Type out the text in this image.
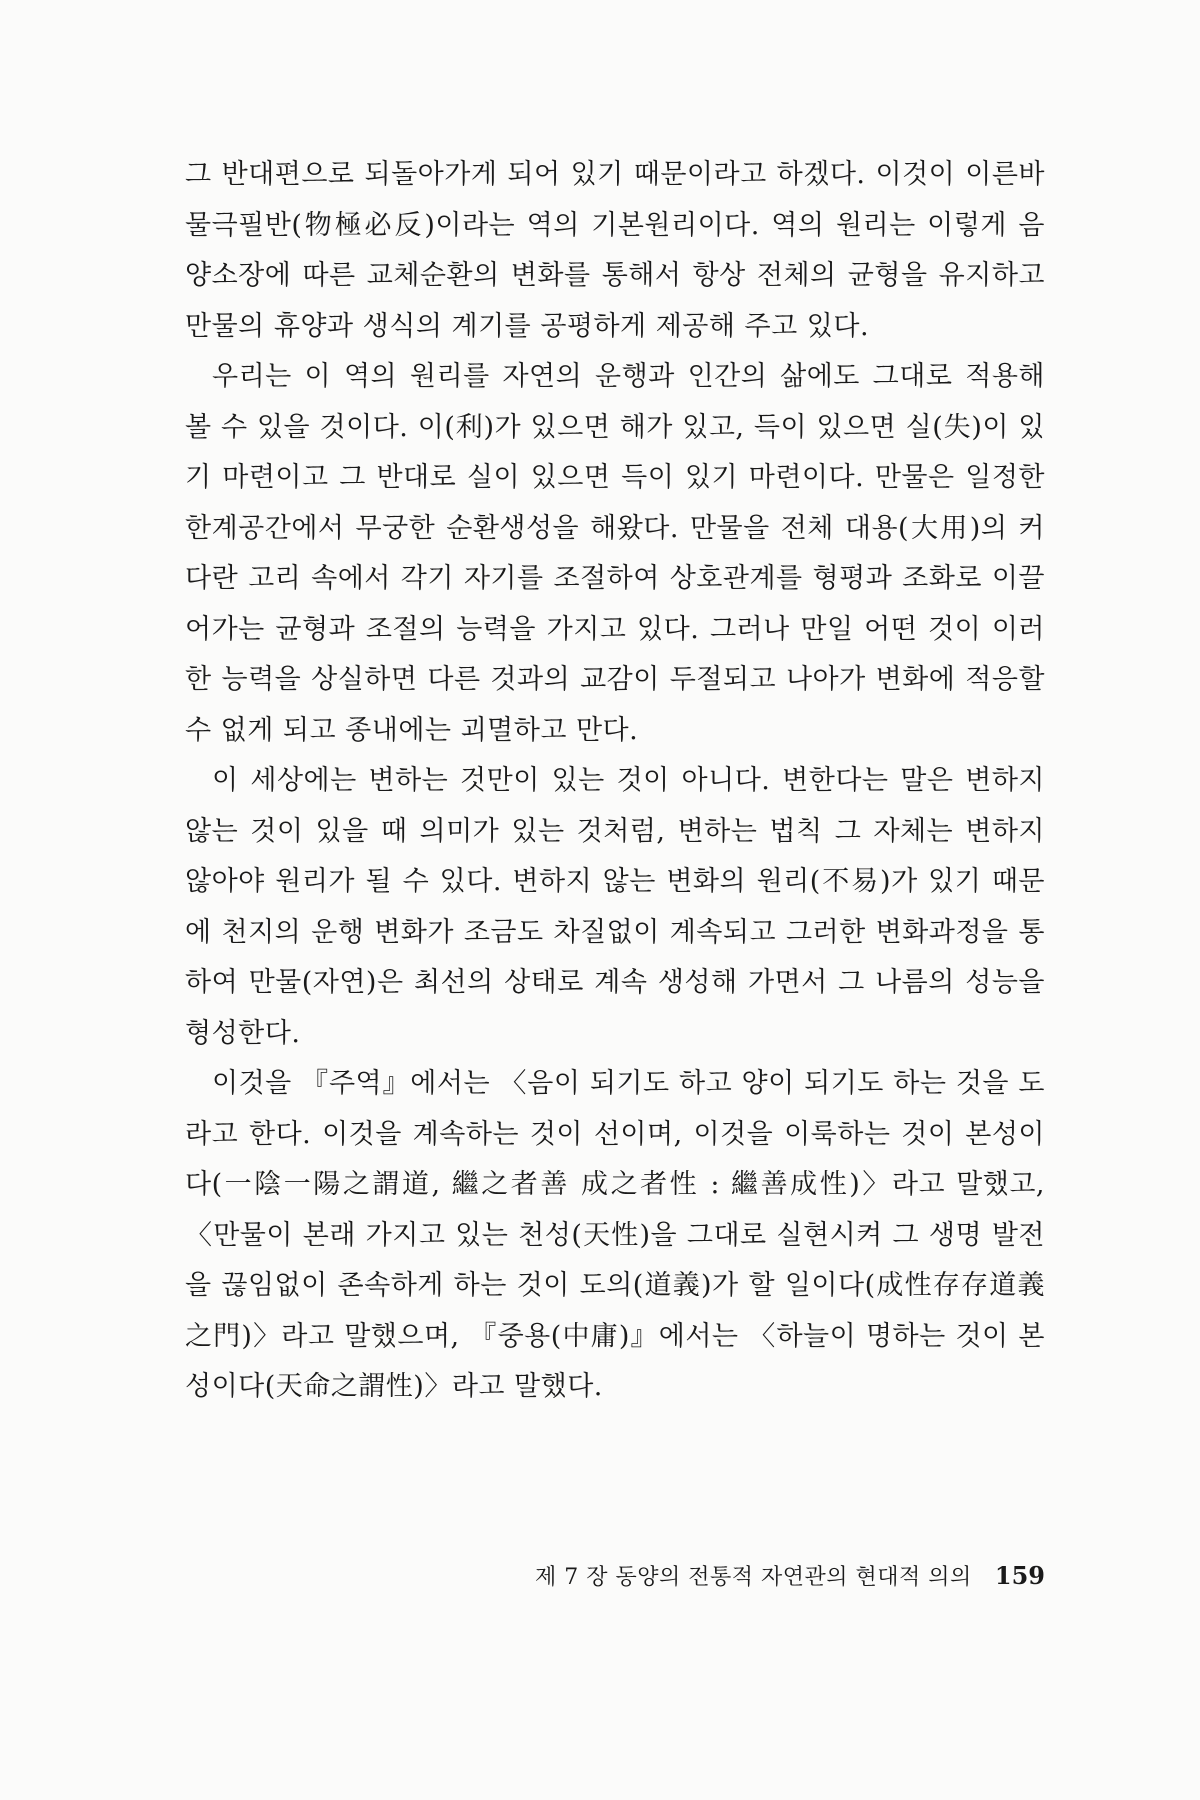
그 반대편으로 되돌아가게 되어 있기 때문이라고 하겠다. 이것이 이른바 물극필반(物極必反)이라는 역의 기본원리이다. 역의 원리는 이렇게 음양소장에 따른 교체순환의 변화를 통해서 항상 전체의 균형을 유지하고 만물의 휴양과 생식의 계기를 공평하게 제공해 주고 있다.

우리는 이 역의 원리를 자연의 운행과 인간의 삶에도 그대로 적용해 볼 수 있을 것이다. 이(利)가 있으면 해가 있고, 득이 있으면 실(失)이 있기 마련이고 그 반대로 실이 있으면 득이 있기 마련이다. 만물은 일정한 한계공간에서 무궁한 순환생성을 해왔다. 만물을 전체 대용(大用)의 커다란 고리 속에서 각기 자기를 조절하여 상호관계를 형평과 조화로 이끌어가는 균형과 조절의 능력을 가지고 있다. 그러나 만일 어떤 것이 이러한 능력을 상실하면 다른 것과의 교감이 두절되고 나아가 변화에 적응할 수 없게 되고 종내에는 괴멸하고 만다.

이 세상에는 변하는 것만이 있는 것이 아니다. 변한다는 말은 변하지 않는 것이 있을 때 의미가 있는 것처럼, 변하는 법칙 그 자체는 변하지 않아야 원리가 될 수 있다. 변하지 않는 변화의 원리(不易)가 있기 때문에 천지의 운행 변화가 조금도 차질없이 계속되고 그러한 변화과정을 통하여 만물(자연)은 최선의 상태로 계속 생성해 가면서 그 나름의 성능을 형성한다.

이것을 『주역』에서는 〈음이 되기도 하고 양이 되기도 하는 것을 도라고 한다. 이것을 계속하는 것이 선이며, 이것을 이룩하는 것이 본성이다(一陰一陽之謂道, 繼之者善 成之者性 : 繼善成性)〉라고 말했고, 〈만물이 본래 가지고 있는 천성(天性)을 그대로 실현시켜 그 생명 발전을 끊임없이 존속하게 하는 것이 도의(道義)가 할 일이다(成性存存道義之門)〉라고 말했으며, 『중용(中庸)』에서는 〈하늘이 명하는 것이 본성이다(天命之謂性)〉라고 말했다.

제 7 장 동양의 전통적 자연관의 현대적 의의 159
